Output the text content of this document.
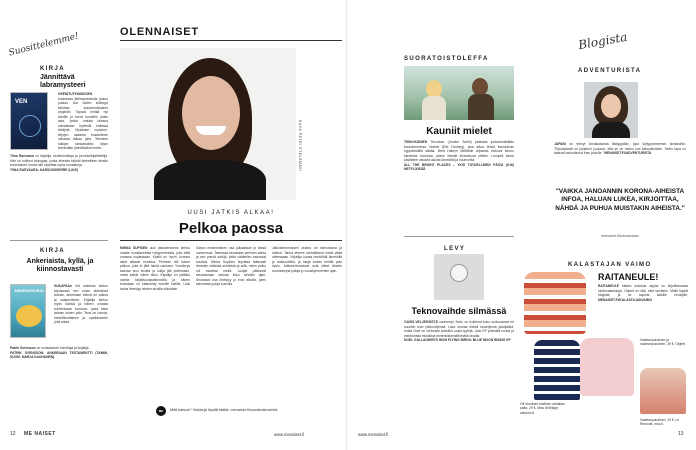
OLENNAISET
Suosittelemme!
KIRJA
Jännittävä labramysteeri
VEN
GEENITUTKIMUKSEN tuoksessa jättimyrkerkuilla joutuu pulaan, kun väärin kolleega sitoittaa kysenmuiskasen projektin. Tapaus lentää nyt silmille ja teerä tuomittin jotain asia, joskin omiata lainaus valsaistaan hyvitellä kaikissa tietäjinä. Mystisten mysteeri-kirjojen taatasta kustantinen vaikavia taikaa joita. Teknisen tutkijan kansanvaltio kirjan teenistään jännittävästi mutta.
Tiina Raevaara on kirjailija, tiedetoimittaja ja peruntutkijatieteilijä. Hän on tutkinut biologiaa, jonka aiheista kirjoitti tieteellisen tekstin koulutukset, mutta hän kirjoittaa myös romaaneja.
TIINA RAEVAARA: KARSOISKIERRE (LIKE)
KIRJA
Ankeriaista, kyllä, ja kiinnostavasti
ANKERIASKIRJA
SUKAPAAn elä ankerias kertoo kirjoissaan sen oman elämänsä tarinan. Ankeriaan elämä on vaikea ja salaperäinen. Kirjailija kertoo myös isänsä ja hänen omasta suhteestaan luontoon, josta tulee tarinan toinen ydin. Teos on kaunis, henkilökohtainen ja opettavainen yhtä aikaa.
Patrik Svensson on ruotsalainen toimittaja ja kirjailija.
PATRIK SVENSSON: ANKERIAAN TESTAMENTTI (TAMMI, SUOM. MARJA KAUHANEN).
KUVA PETRI ETELÄMÄKI
UUSI JATKIS ALKAA!
Pelkoa paossa
MINNA SUPISEN uusi jatkokertomus kertoo maalle muuttaneesta nykyperheestä, joka elää omassa kuplassaan. Kaikki on hyvin, kunnes asiat alkavat muuttua. Perheen äiti kokee pelkoa, joka ei jätä häntä rauhaan. Ymmärrys kasvaa sivu sivulta ja lukija jää pohtimaan, mistä kaikki oikein alkoi. Kirjailija on palkittu useilla kirjallisuuspalkinnoilla ja hänen teoksiaan on käännetty monille kielille. Uusi tarina ilmestyy lehden sivuilla viikoittain.
Sarjan ensimmäinen osa julkaistaan jo tässä numerossa. Tarinassa seurataan perheen arkea ja sen pieniä säröjä, jotka vähitellen kasvavat suuriksi. Minna Supinen kirjoittaa taitavasti ihmisten välisistä suhteista ja siitä, miten pelko voi muuttaa meitä. Lukijat pääsevät seuraamaan tarinaa koko kevään ajan. Seuraava osa ilmestyy jo ensi viikolla, joten kannattaa pysyä kuulolla.
Jatkokertomuksen aloitus on kiinnostava ja vetävä. Tarina etenee rauhallisesti mutta pitää otteessaan. Kirjailija kuvaa henkilöitä lämmöllä ja tarkkuudella, ja lukija tuntee heidät pian hyvin. Jatkokertomukset ovat olleet lehden suosituimpia juttuja jo vuosikymmenten ajan.
ME	Mitä katsoa? Vinkkejä löydät täältä: menaiset.fi/suoratoistovinkit.
12 ME NAISET	www.menaiset.fi
SUORATOISTOLEFFA
Kauniit mielet
TEINI-IKÄINEN Theodore (Justice Smith) pelastaa juoksulenkillään koulukaverinsa Violetin (Elle Fanning), joka aikoo tehdä itsemurhan hyppäämällä sillalta. Brett Haleyn Netflixille ohjaama elokuva kertoo kahdesta nuoresta, joiden elämät kietoutuvat yhteen. Lempeä tarina käsittelee vakavia asioita lämmöllä ja huumorilla.
ALL THE BRIGHT PLACES – YKSI TÄYDELLINEN PÄIVÄ (K16) NETFLIXISSÄ
LEVY
Teknovaihde silmässä
OASIS-VELJEKSISTÄ vanhempi, Noel, on kulkenut koko soolouransa eri suuntiin kuin pikkuveljensä. Liam seuraa tiiviisti isoveljensä jalanjälkiä, mutta Noel on rohkeasti kokeillut uusia tyylejä. Uusi EP yhdistää rockia ja elektronista musiikkia ennennäkemättömällä tavalla.
NOEL GALLAGHER'S HIGH FLYING BIRDS: BLUE MOON RISING EP
Blogista
ADVENTURISTA
JAPANI on tehnyt Annakaisasta lilakyppään, jopa kyltyppomeesen kielailoihin. "Rykotyisistä on jokainen joutunut, että se on melko ova kännykköiden. Sekin tapa on taatusti rauhoittunut ihan joululle." MENAISET.FI/ADVENTURISTA
"VAIKKA JANOANNIN KORONA-AIHEISTA INFOA, HALUAN LUKEA, KIRJOITTAA, NÄHDÄ JA PUHUA MUISTAKIN AIHEISTA."
menaiset.fi/kolmaistaan
KALASTAJAN VAIMO
RAITANEULE!
RAITANEULE kaiken kokoisia alyylia on kirjoittamassa neulevaatekkoja. Ohjeet on sitä, mitä tarvitsee. Mallit löydät blogista, ja ne sopivat kaikille neulojille. MENAISET.FI/KALASTAJANVAIMO
Vaaleanpunainen ja ruskeanpunainen, 39 €, Objeet.
Off shoulder-mallinen raidakas paita, 29 €, Miss Selfridge, zalando.fi.
Vaaleanpunainen, 19 €, Le Redoute, elos.fi.
www.menaiset.fi	13
